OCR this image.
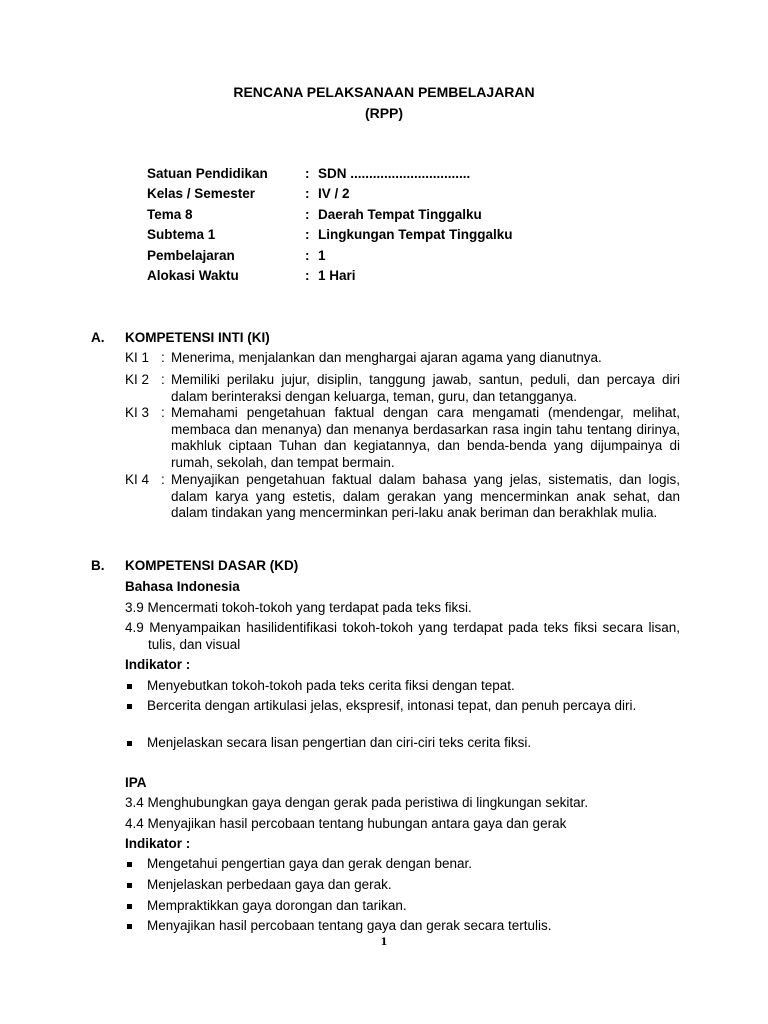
RENCANA PELAKSANAAN PEMBELAJARAN
(RPP)
Satuan Pendidikan	: SDN ................................
Kelas / Semester	: IV / 2
Tema 8	: Daerah Tempat Tinggalku
Subtema 1	: Lingkungan Tempat Tinggalku
Pembelajaran	: 1
Alokasi Waktu	: 1 Hari
A. KOMPETENSI INTI (KI)
KI 1 : Menerima, menjalankan dan menghargai ajaran agama yang dianutnya.
KI 2 : Memiliki perilaku jujur, disiplin, tanggung jawab, santun, peduli, dan percaya diri dalam berinteraksi dengan keluarga, teman, guru, dan tetangganya.
KI 3 : Memahami pengetahuan faktual dengan cara mengamati (mendengar, melihat, membaca dan menanya) dan menanya berdasarkan rasa ingin tahu tentang dirinya, makhluk ciptaan Tuhan dan kegiatannya, dan benda-benda yang dijumpainya di rumah, sekolah, dan tempat bermain.
KI 4 : Menyajikan pengetahuan faktual dalam bahasa yang jelas, sistematis, dan logis, dalam karya yang estetis, dalam gerakan yang mencerminkan anak sehat, dan dalam tindakan yang mencerminkan peri-laku anak beriman dan berakhlak mulia.
B. KOMPETENSI DASAR (KD)
Bahasa Indonesia
3.9 Mencermati tokoh-tokoh yang terdapat pada teks fiksi.
4.9 Menyampaikan hasilidentifikasi tokoh-tokoh yang terdapat pada teks fiksi secara lisan, tulis, dan visual
Indikator :
Menyebutkan tokoh-tokoh pada teks cerita fiksi dengan tepat.
Bercerita dengan artikulasi jelas, ekspresif, intonasi tepat, dan penuh percaya diri.
Menjelaskan secara lisan pengertian dan ciri-ciri teks cerita fiksi.
IPA
3.4 Menghubungkan gaya dengan gerak pada peristiwa di lingkungan sekitar.
4.4 Menyajikan hasil percobaan tentang hubungan antara gaya dan gerak
Indikator :
Mengetahui pengertian gaya dan gerak dengan benar.
Menjelaskan perbedaan gaya dan gerak.
Mempraktikkan gaya dorongan dan tarikan.
Menyajikan hasil percobaan tentang gaya dan gerak secara tertulis.
1
